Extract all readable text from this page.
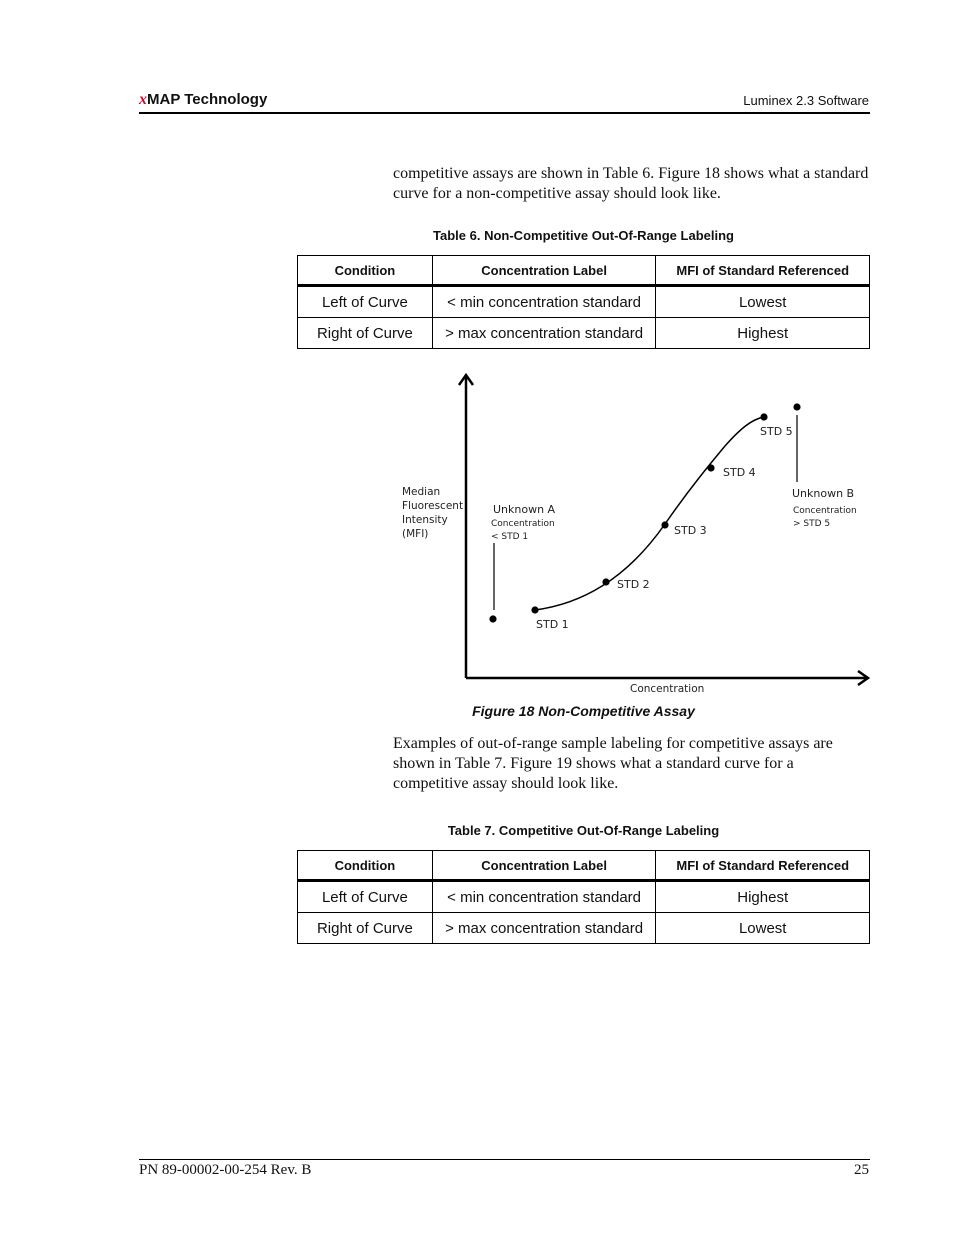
xMAP Technology	Luminex 2.3 Software
competitive assays are shown in Table 6. Figure 18 shows what a standard curve for a non-competitive assay should look like.
Table 6. Non-Competitive Out-Of-Range Labeling
Condition	Concentration Label	MFI of Standard Referenced
Left of Curve	< min concentration standard	Lowest
Right of Curve	> max concentration standard	Highest
Median Fluorescent Intensity (MFI)
STD 1
STD 2
STD 3
STD 4
STD 5
Unknown A
Concentration
< STD 1
Unknown B
Concentration
> STD 5
Concentration
Figure 18 Non-Competitive Assay
Examples of out-of-range sample labeling for competitive assays are shown in Table 7. Figure 19 shows what a standard curve for a competitive assay should look like.
Table 7. Competitive Out-Of-Range Labeling
Condition	Concentration Label	MFI of Standard Referenced
Left of Curve	< min concentration standard	Highest
Right of Curve	> max concentration standard	Lowest
PN 89-00002-00-254 Rev. B	25
